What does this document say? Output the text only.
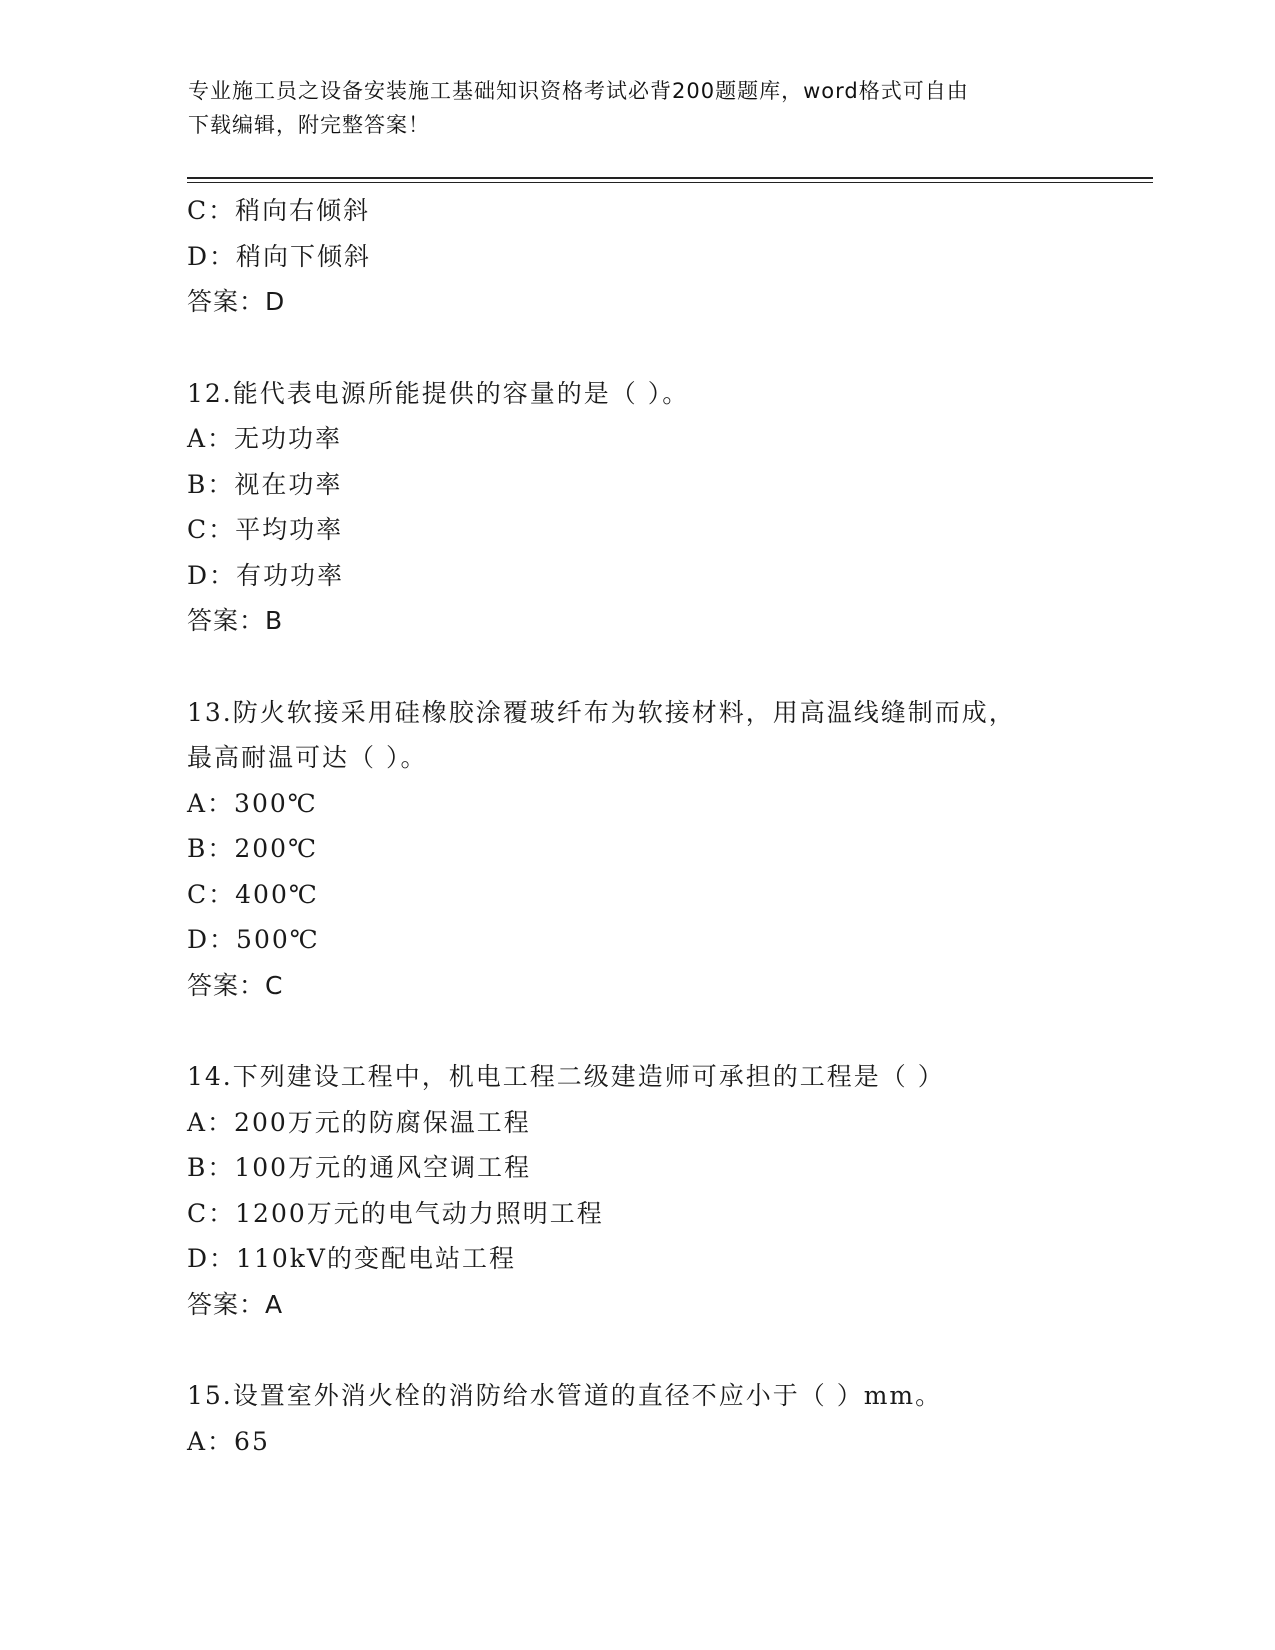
专业施工员之设备安装施工基础知识资格考试必背200题题库，word格式可自由
下载编辑，附完整答案！
C：稍向右倾斜
D：稍向下倾斜
答案：D
12.能代表电源所能提供的容量的是（ ）。
A：无功功率
B：视在功率
C：平均功率
D：有功功率
答案：B
13.防火软接采用硅橡胶涂覆玻纤布为软接材料，用高温线缝制而成，
最高耐温可达（ ）。
A：300℃
B：200℃
C：400℃
D：500℃
答案：C
14.下列建设工程中，机电工程二级建造师可承担的工程是（ ）
A：200万元的防腐保温工程
B：100万元的通风空调工程
C：1200万元的电气动力照明工程
D：110kV的变配电站工程
答案：A
15.设置室外消火栓的消防给水管道的直径不应小于（ ）mm。
A：65
